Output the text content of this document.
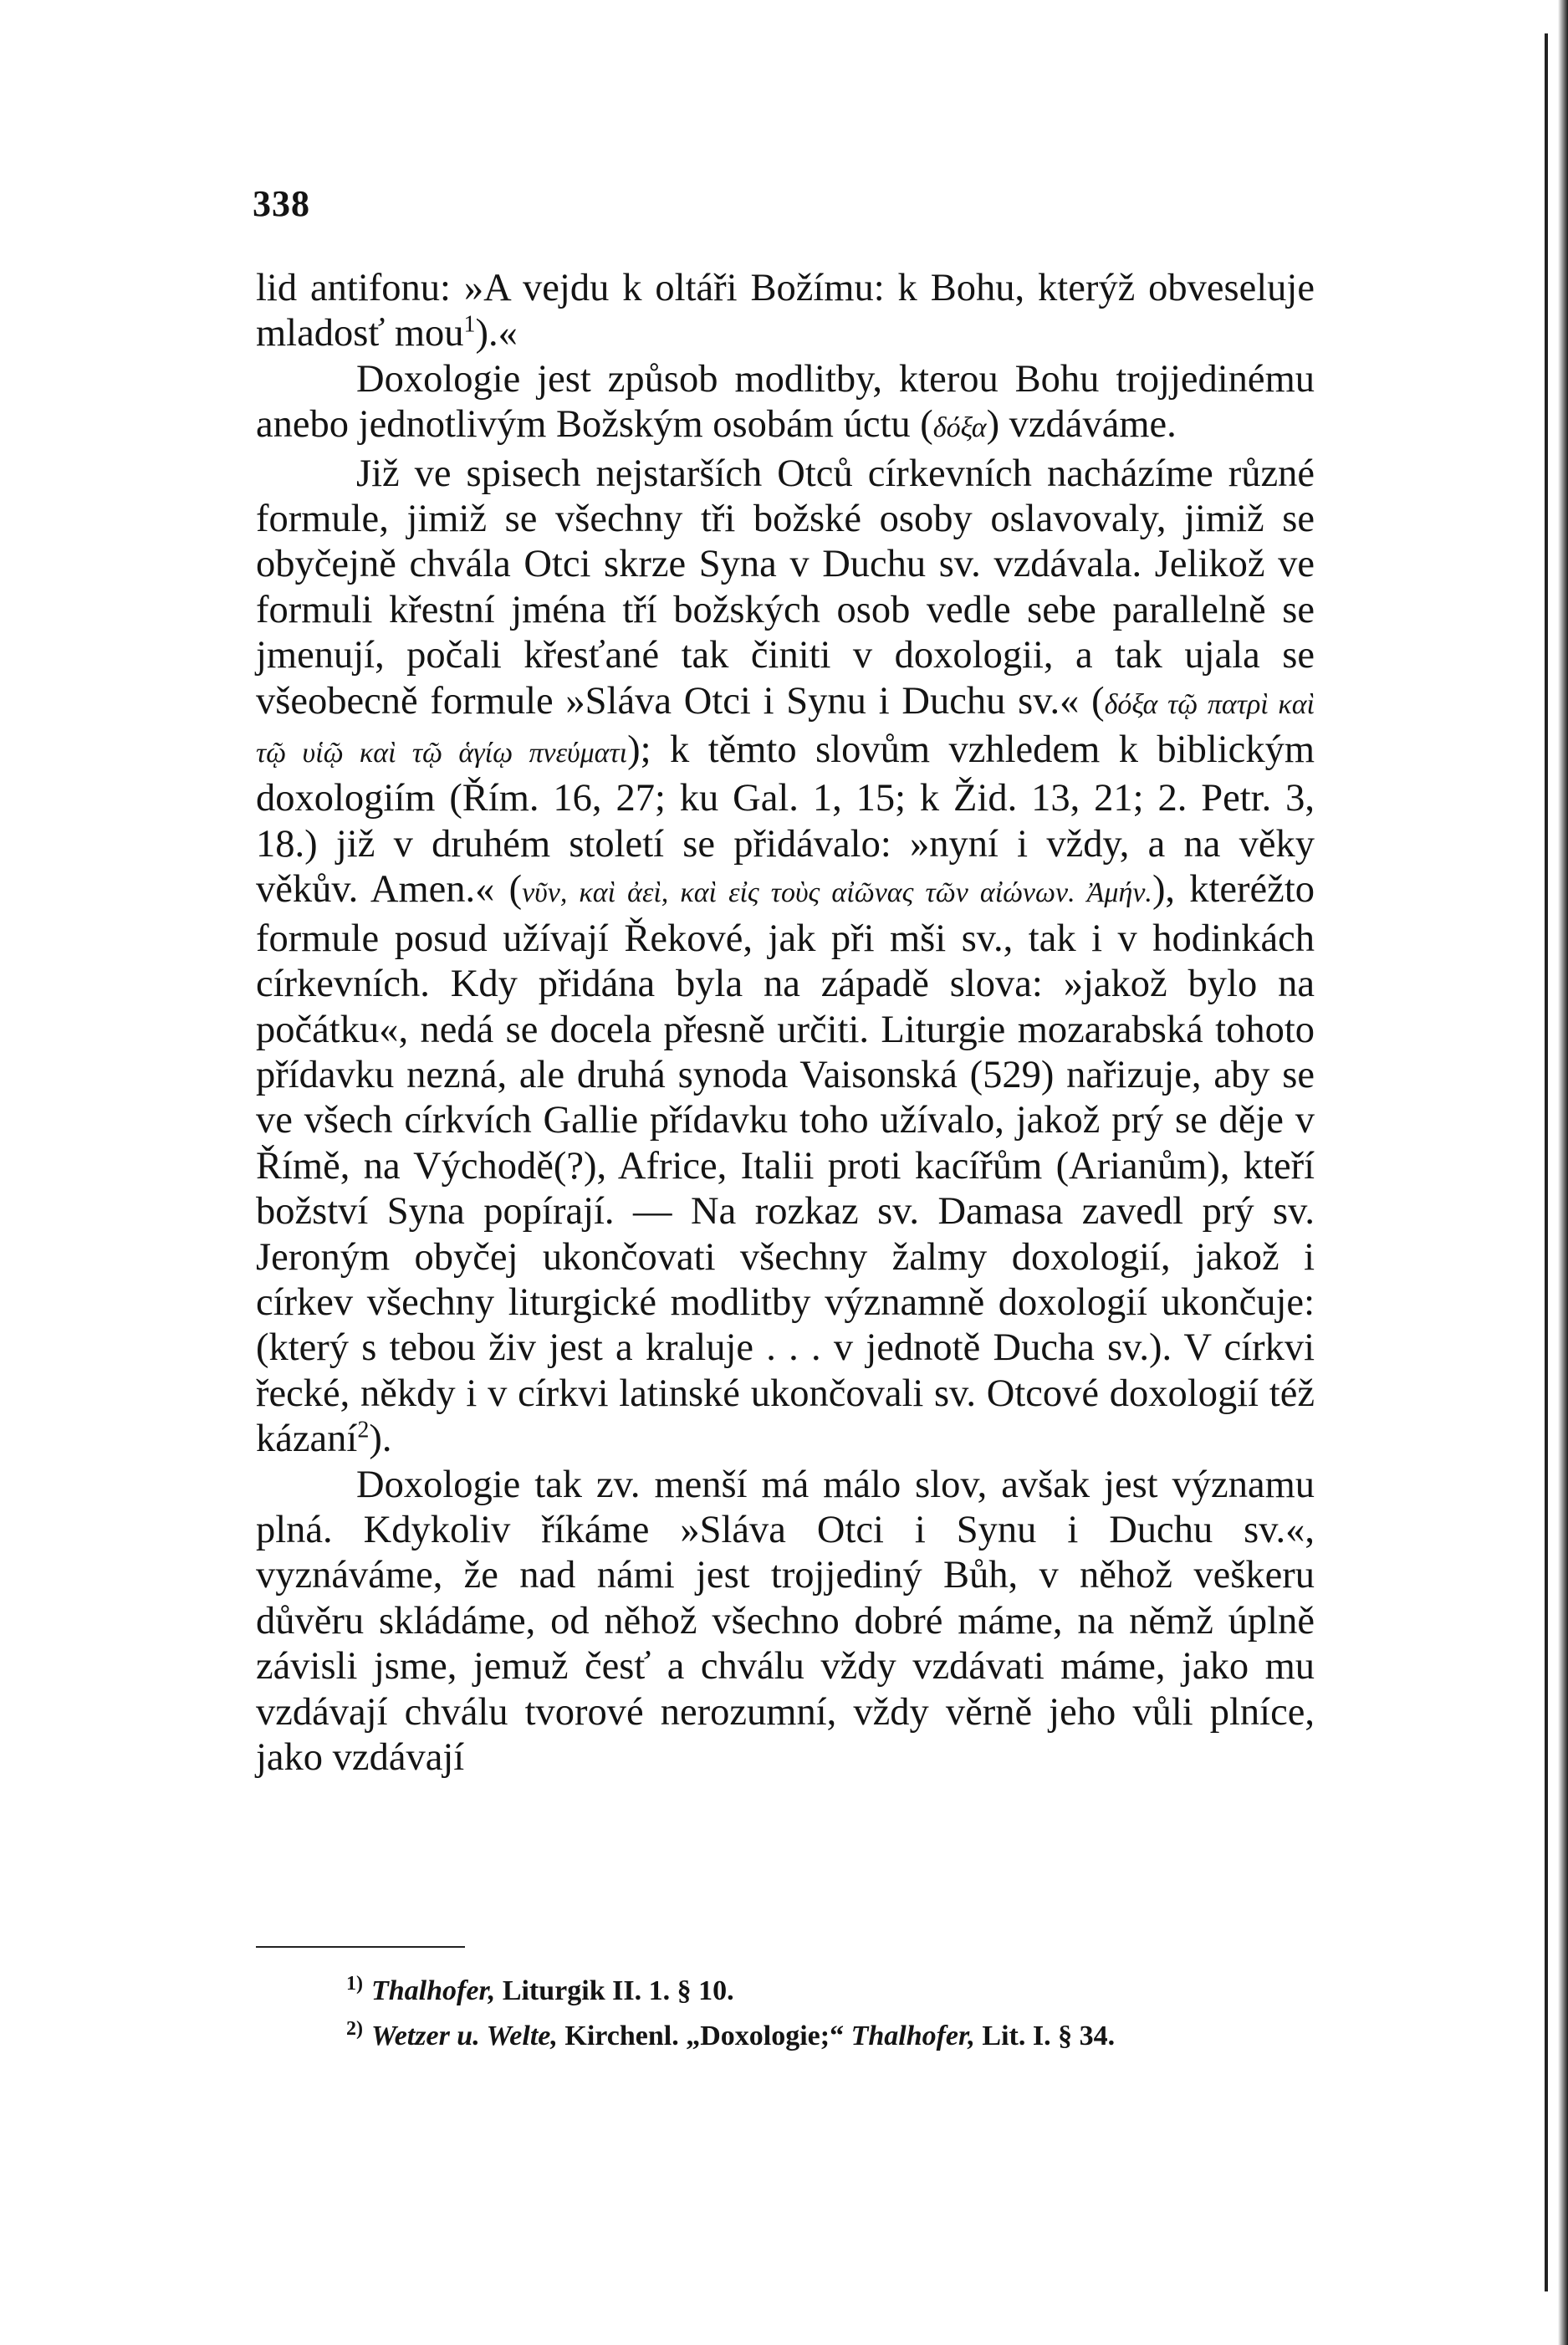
338

lid antifonu: »A vejdu k oltáři Božímu: k Bohu, kterýž obveseluje mladosť mou$^1$).«

Doxologie jest způsob modlitby, kterou Bohu trojjedinému anebo jednotlivým Božským osobám úctu (δόξα) vzdáváme.

Již ve spisech nejstarších Otců církevních nacházíme různé formule, jimiž se všechny tři božské osoby oslavovaly, jimiž se obyčejně chvála Otci skrze Syna v Duchu sv. vzdávala. Jelikož ve formuli křestní jména tří božských osob vedle sebe parallelně se jmenují, počali křesťané tak činiti v doxologii, a tak ujala se všeobecně formule »Sláva Otci i Synu i Duchu sv.« (δόξα τῷ πατρὶ καὶ τῷ υἱῷ καὶ τῷ ἁγίῳ πνεύματι); k těmto slovům vzhledem k biblickým doxologiím (Řím. 16, 27; ku Gal. 1, 15; k Žid. 13, 21; 2. Petr. 3, 18.) již v druhém století se přidávalo: »nyní i vždy, a na věky věkův. Amen.« (νῦν, καὶ ἀεὶ, καὶ εἰς τοὺς αἰῶνας τῶν αἰώνων. Ἀμήν.), kteréžto formule posud užívají Řekové, jak při mši sv., tak i v hodinkách církevních. Kdy přidána byla na západě slova: »jakož bylo na počátku«, nedá se docela přesně určiti. Liturgie mozarabská tohoto přídavku nezná, ale druhá synoda Vaisonská (529) nařizuje, aby se ve všech církvích Gallie přídavku toho užívalo, jakož prý se děje v Římě, na Východě(?), Africe, Italii proti kacířům (Arianům), kteří božství Syna popírají. — Na rozkaz sv. Damasa zavedl prý sv. Jeroným obyčej ukončovati všechny žalmy doxologií, jakož i církev všechny liturgické modlitby významně doxologií ukončuje: (který s tebou živ jest a kraluje . . . v jednotě Ducha sv.). V církvi řecké, někdy i v církvi latinské ukončovali sv. Otcové doxologií též kázaní$^2$).

Doxologie tak zv. menší má málo slov, avšak jest významu plná. Kdykoliv říkáme »Sláva Otci i Synu i Duchu sv.«, vyznáváme, že nad námi jest trojjediný Bůh, v něhož veškeru důvěru skládáme, od něhož všechno dobré máme, na němž úplně závisli jsme, jemuž česť a chválu vždy vzdávati máme, jako mu vzdávají chválu tvorové nerozumní, vždy věrně jeho vůli plníce, jako vzdávají

$^{1)}$ Thalhofer, Liturgik II. 1. § 10.

$^{2)}$ Wetzer u. Welte, Kirchenl. „Doxologie;“ Thalhofer, Lit. I. § 34.
